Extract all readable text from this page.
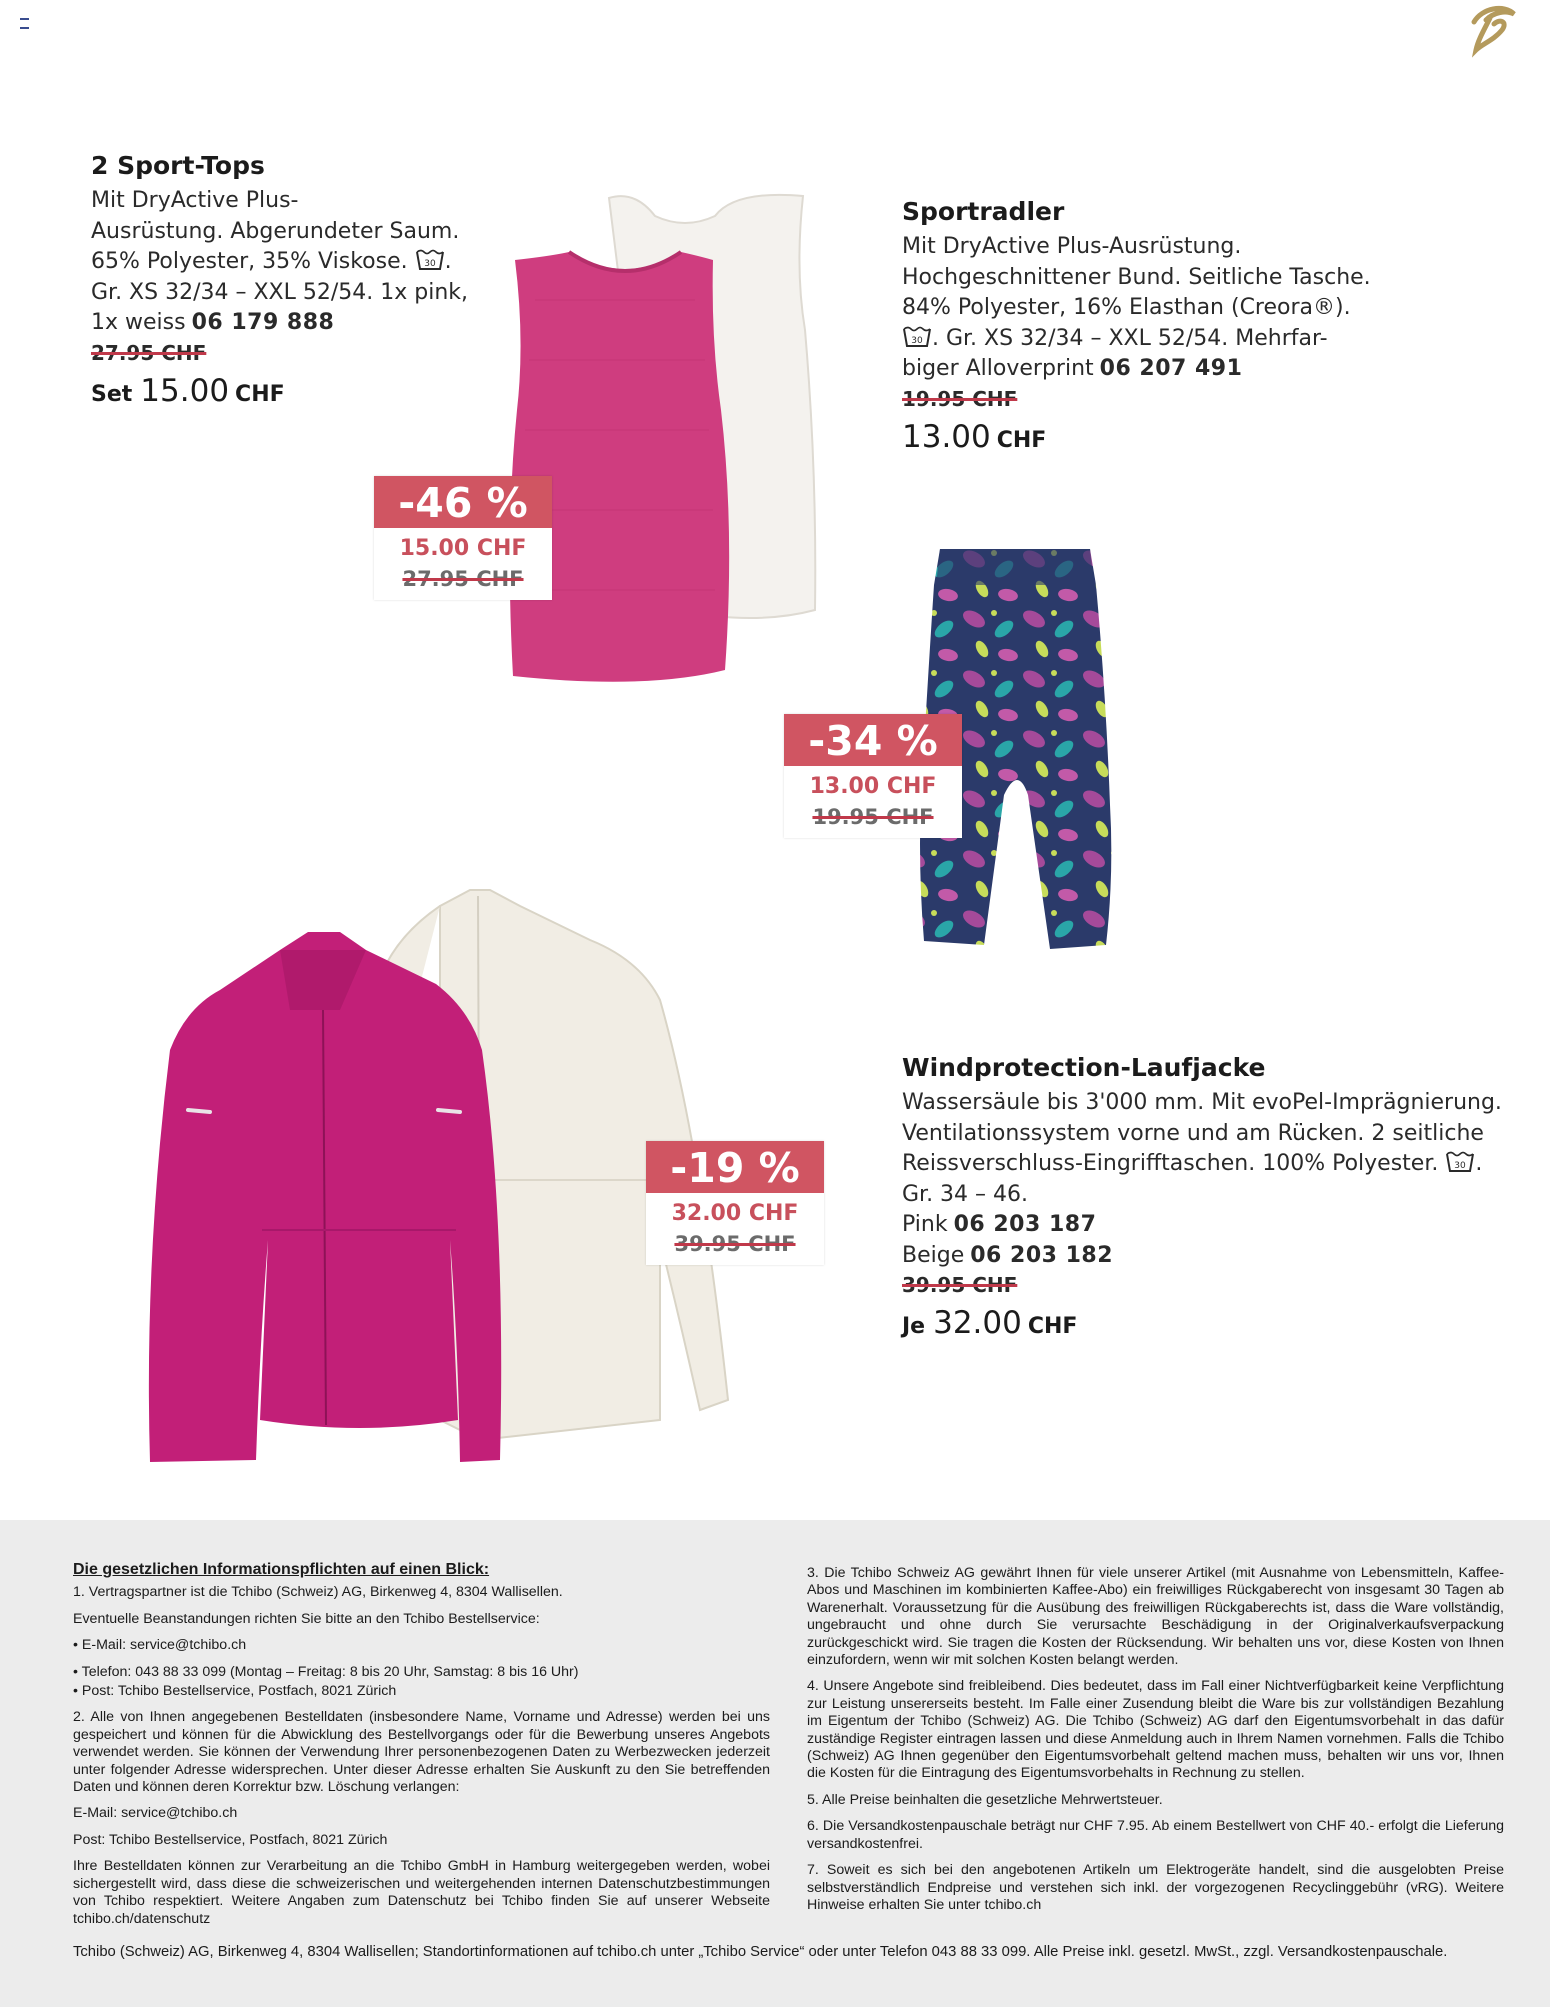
2 Sport-Tops
Mit DryActive Plus-
Ausrüstung. Abgerundeter Saum.
65% Polyester, 35% Viskose. 30 .
Gr. XS 32/34 – XXL 52/54. 1x pink,
1x weiss 06 179 888
27.95 CHF
Set 15.00 CHF
-46 %
15.00 CHF
27.95 CHF
Sportradler
Mit DryActive Plus-Ausrüstung.
Hochgeschnittener Bund. Seitliche Tasche.
84% Polyester, 16% Elasthan (Creora®).
30 . Gr. XS 32/34 – XXL 52/54. Mehrfar-
biger Alloverprint 06 207 491
19.95 CHF
13.00 CHF
-34 %
13.00 CHF
19.95 CHF
-19 %
32.00 CHF
39.95 CHF
Windprotection-Laufjacke
Wassersäule bis 3'000 mm. Mit evoPel-Imprägnierung.
Ventilationssystem vorne und am Rücken. 2 seitliche
Reissverschluss-Eingrifftaschen. 100% Polyester. 30 .
Gr. 34 – 46.
Pink 06 203 187
Beige 06 203 182
39.95 CHF
Je 32.00 CHF

Die gesetzlichen Informationspflichten auf einen Blick:

1. Vertragspartner ist die Tchibo (Schweiz) AG, Birkenweg 4, 8304 Wallisellen.

Eventuelle Beanstandungen richten Sie bitte an den Tchibo Bestellservice:

• E-Mail: service@tchibo.ch

• Telefon: 043 88 33 099 (Montag – Freitag: 8 bis 20 Uhr, Samstag: 8 bis 16 Uhr)

• Post: Tchibo Bestellservice, Postfach, 8021 Zürich

2. Alle von Ihnen angegebenen Bestelldaten (insbesondere Name, Vorname und Adresse) werden bei uns gespeichert und können für die Abwicklung des Bestellvorgangs oder für die Bewerbung unseres Angebots verwendet werden. Sie können der Verwendung Ihrer personenbezogenen Daten zu Werbezwecken jederzeit unter folgender Adresse widersprechen. Unter dieser Adresse erhalten Sie Auskunft zu den Sie betreffenden Daten und können deren Korrektur bzw. Löschung verlangen:

E-Mail: service@tchibo.ch

Post: Tchibo Bestellservice, Postfach, 8021 Zürich

Ihre Bestelldaten können zur Verarbeitung an die Tchibo GmbH in Hamburg weitergegeben werden, wobei sichergestellt wird, dass diese die schweizerischen und weitergehenden internen Datenschutzbestimmungen von Tchibo respektiert. Weitere Angaben zum Datenschutz bei Tchibo finden Sie auf unserer Webseite tchibo.ch/datenschutz

3. Die Tchibo Schweiz AG gewährt Ihnen für viele unserer Artikel (mit Ausnahme von Lebensmitteln, Kaffee-Abos und Maschinen im kombinierten Kaffee-Abo) ein freiwilliges Rückgaberecht von insgesamt 30 Tagen ab Warenerhalt. Voraussetzung für die Ausübung des freiwilligen Rückgaberechts ist, dass die Ware vollständig, ungebraucht und ohne durch Sie verursachte Beschädigung in der Originalverkaufsverpackung zurückgeschickt wird. Sie tragen die Kosten der Rücksendung. Wir behalten uns vor, diese Kosten von Ihnen einzufordern, wenn wir mit solchen Kosten belangt werden.

4. Unsere Angebote sind freibleibend. Dies bedeutet, dass im Fall einer Nichtverfügbarkeit keine Verpflichtung zur Leistung unsererseits besteht. Im Falle einer Zusendung bleibt die Ware bis zur vollständigen Bezahlung im Eigentum der Tchibo (Schweiz) AG. Die Tchibo (Schweiz) AG darf den Eigentumsvorbehalt in das dafür zuständige Register eintragen lassen und diese Anmeldung auch in Ihrem Namen vornehmen. Falls die Tchibo (Schweiz) AG Ihnen gegenüber den Eigentumsvorbehalt geltend machen muss, behalten wir uns vor, Ihnen die Kosten für die Eintragung des Eigentumsvorbehalts in Rechnung zu stellen.

5. Alle Preise beinhalten die gesetzliche Mehrwertsteuer.

6. Die Versandkostenpauschale beträgt nur CHF 7.95. Ab einem Bestellwert von CHF 40.- erfolgt die Lieferung versandkostenfrei.

7. Soweit es sich bei den angebotenen Artikeln um Elektrogeräte handelt, sind die ausgelobten Preise selbstverständlich Endpreise und verstehen sich inkl. der vorgezogenen Recyclinggebühr (vRG). Weitere Hinweise erhalten Sie unter tchibo.ch

Tchibo (Schweiz) AG, Birkenweg 4, 8304 Wallisellen; Standortinformationen auf tchibo.ch unter „Tchibo Service“ oder unter Telefon 043 88 33 099. Alle Preise inkl. gesetzl. MwSt., zzgl. Versandkostenpauschale.
